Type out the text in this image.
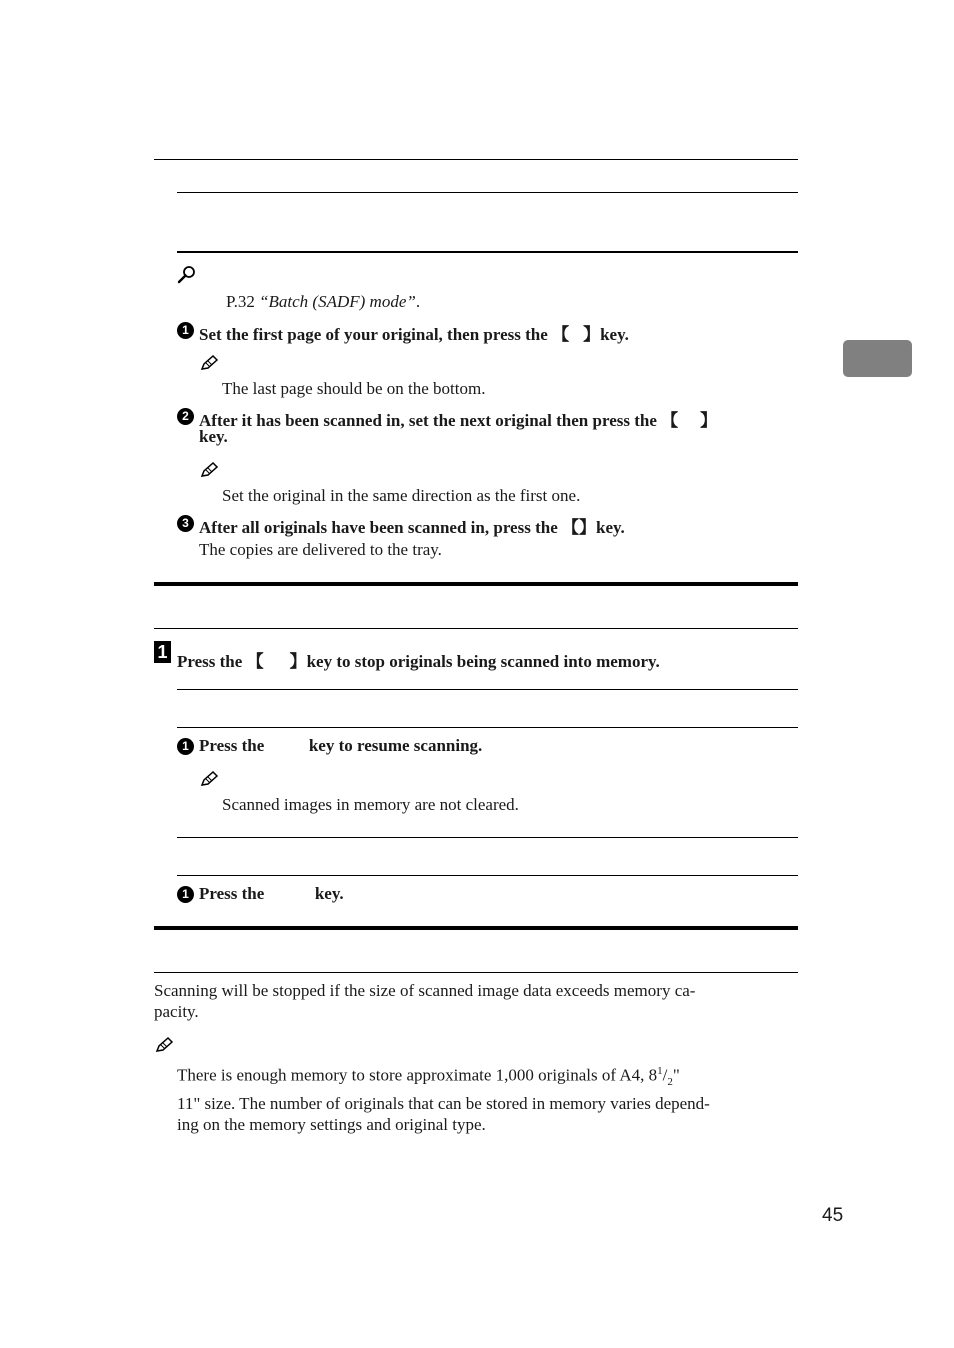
P.32 “Batch (SADF) mode”.
1 Set the first page of your original, then press the 【 】key.
The last page should be on the bottom.
2 After it has been scanned in, set the next original then press the 【 】
key.
Set the original in the same direction as the first one.
3 After all originals have been scanned in, press the 【】key.
The copies are delivered to the tray.
1 Press the 【 】key to stop originals being scanned into memory.
1 Press the	key to resume scanning.
Scanned images in memory are not cleared.
1 Press the	key.
Scanning will be stopped if the size of scanned image data exceeds memory ca-
pacity.
There is enough memory to store approximate 1,000 originals of A4, $8^1/_2$"
11" size. The number of originals that can be stored in memory varies depend-
ing on the memory settings and original type.
45
